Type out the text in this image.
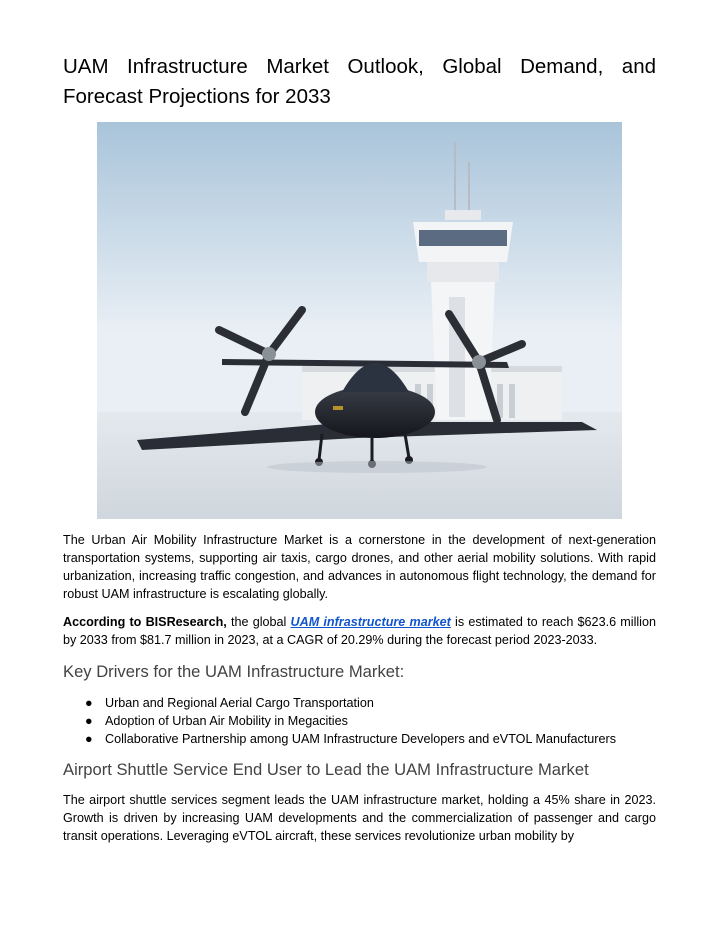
UAM Infrastructure Market Outlook, Global Demand, and Forecast Projections for 2033

The Urban Air Mobility Infrastructure Market is a cornerstone in the development of next-generation transportation systems, supporting air taxis, cargo drones, and other aerial mobility solutions. With rapid urbanization, increasing traffic congestion, and advances in autonomous flight technology, the demand for robust UAM infrastructure is escalating globally.

According to BISResearch, the global UAM infrastructure market is estimated to reach $623.6 million by 2033 from $81.7 million in 2023, at a CAGR of 20.29% during the forecast period 2023-2033.

Key Drivers for the UAM Infrastructure Market:
● Urban and Regional Aerial Cargo Transportation
● Adoption of Urban Air Mobility in Megacities
● Collaborative Partnership among UAM Infrastructure Developers and eVTOL Manufacturers
Airport Shuttle Service End User to Lead the UAM Infrastructure Market

The airport shuttle services segment leads the UAM infrastructure market, holding a 45% share in 2023. Growth is driven by increasing UAM developments and the commercialization of passenger and cargo transit operations. Leveraging eVTOL aircraft, these services revolutionize urban mobility by
